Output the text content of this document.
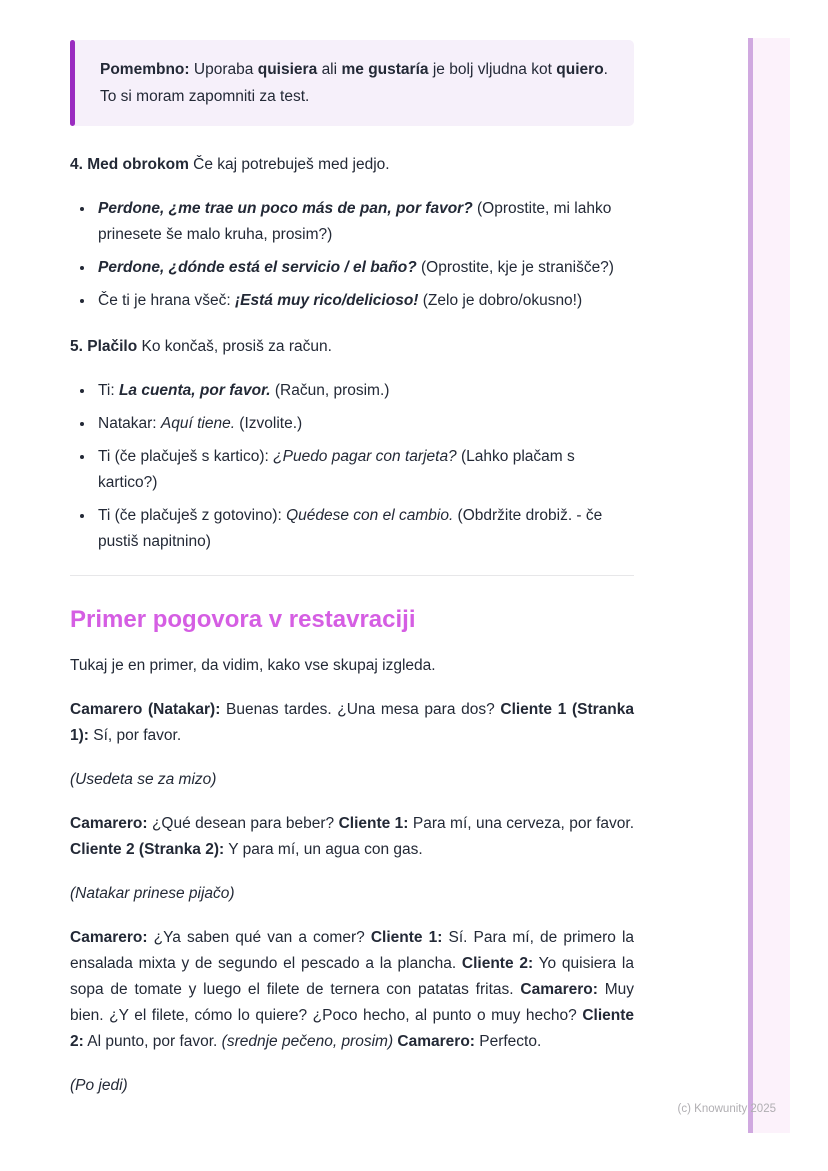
Pomembno: Uporaba quisiera ali me gustaría je bolj vljudna kot quiero. To si moram zapomniti za test.

4. Med obrokom Če kaj potrebuješ med jedjo.

• Perdone, ¿me trae un poco más de pan, por favor? (Oprostite, mi lahko prinesete še malo kruha, prosim?)
• Perdone, ¿dónde está el servicio / el baño? (Oprostite, kje je stranišče?)
• Če ti je hrana všeč: ¡Está muy rico/delicioso! (Zelo je dobro/okusno!)

5. Plačilo Ko končaš, prosiš za račun.

• Ti: La cuenta, por favor. (Račun, prosim.)
• Natakar: Aquí tiene. (Izvolite.)
• Ti (če plačuješ s kartico): ¿Puedo pagar con tarjeta? (Lahko plačam s kartico?)
• Ti (če plačuješ z gotovino): Quédese con el cambio. (Obdržite drobiž. - če pustiš napitnino)
Primer pogovora v restavraciji

Tukaj je en primer, da vidim, kako vse skupaj izgleda.

Camarero (Natakar): Buenas tardes. ¿Una mesa para dos? Cliente 1 (Stranka 1): Sí, por favor.

(Usedeta se za mizo)

Camarero: ¿Qué desean para beber? Cliente 1: Para mí, una cerveza, por favor. Cliente 2 (Stranka 2): Y para mí, un agua con gas.

(Natakar prinese pijačo)

Camarero: ¿Ya saben qué van a comer? Cliente 1: Sí. Para mí, de primero la ensalada mixta y de segundo el pescado a la plancha. Cliente 2: Yo quisiera la sopa de tomate y luego el filete de ternera con patatas fritas. Camarero: Muy bien. ¿Y el filete, cómo lo quiere? ¿Poco hecho, al punto o muy hecho? Cliente 2: Al punto, por favor. (srednje pečeno, prosim) Camarero: Perfecto.

(Po jedi)

(c) Knowunity 2025
